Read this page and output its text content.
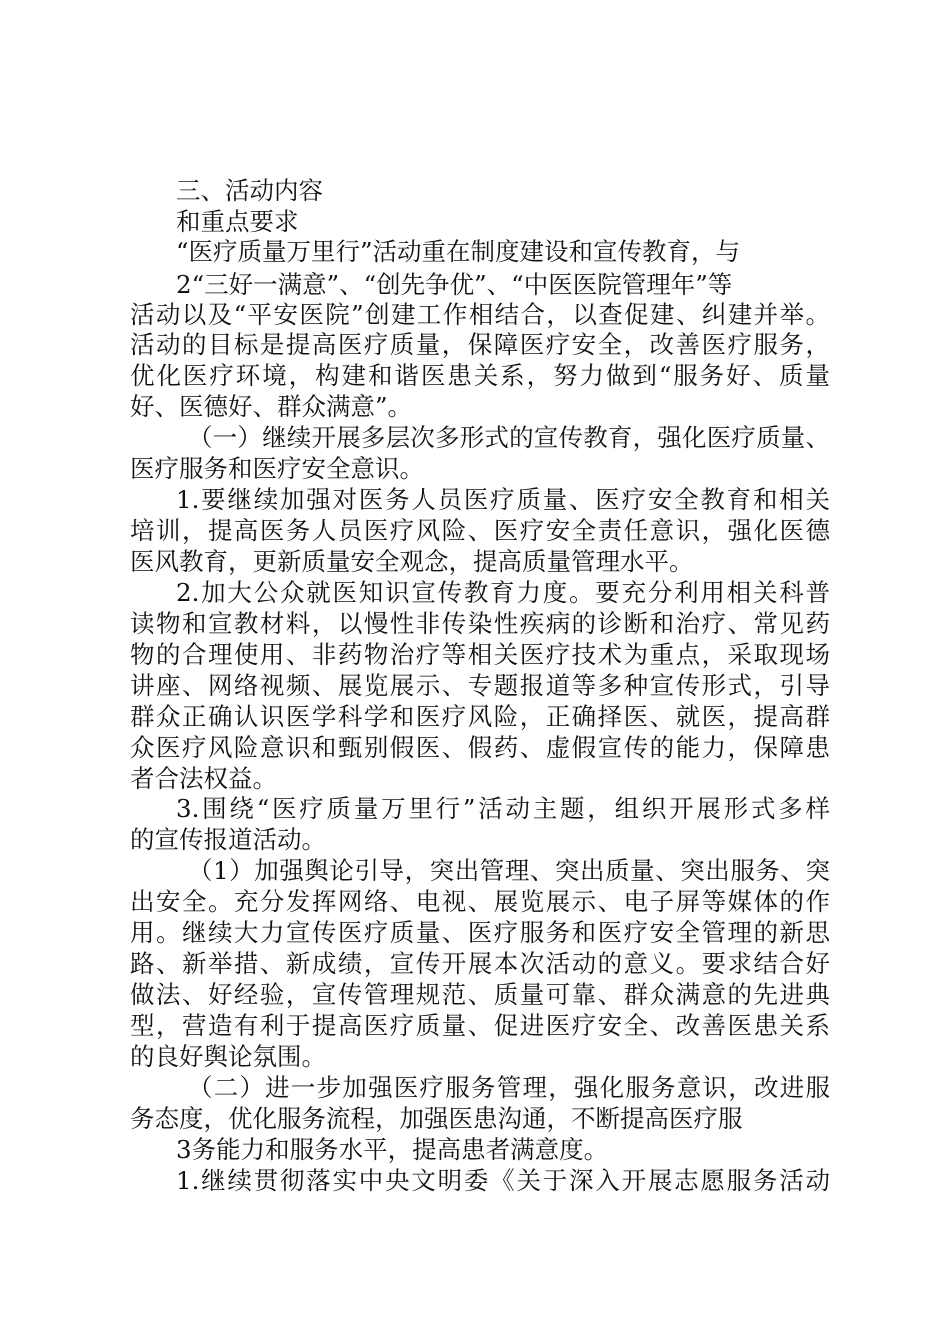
三、活动内容
和重点要求
“医疗质量万里行”活动重在制度建设和宣传教育，与
2“三好一满意”、“创先争优”、“中医医院管理年”等
活动以及“平安医院”创建工作相结合，以查促建、纠建并举。
活动的目标是提高医疗质量，保障医疗安全，改善医疗服务，
优化医疗环境，构建和谐医患关系，努力做到“服务好、质量
好、医德好、群众满意”。
（一）继续开展多层次多形式的宣传教育，强化医疗质量、
医疗服务和医疗安全意识。
1.要继续加强对医务人员医疗质量、医疗安全教育和相关
培训，提高医务人员医疗风险、医疗安全责任意识，强化医德
医风教育，更新质量安全观念，提高质量管理水平。
2.加大公众就医知识宣传教育力度。要充分利用相关科普
读物和宣教材料，以慢性非传染性疾病的诊断和治疗、常见药
物的合理使用、非药物治疗等相关医疗技术为重点，采取现场
讲座、网络视频、展览展示、专题报道等多种宣传形式，引导
群众正确认识医学科学和医疗风险，正确择医、就医，提高群
众医疗风险意识和甄别假医、假药、虚假宣传的能力，保障患
者合法权益。
3.围绕“医疗质量万里行”活动主题，组织开展形式多样
的宣传报道活动。
（1）加强舆论引导，突出管理、突出质量、突出服务、突
出安全。充分发挥网络、电视、展览展示、电子屏等媒体的作
用。继续大力宣传医疗质量、医疗服务和医疗安全管理的新思
路、新举措、新成绩，宣传开展本次活动的意义。要求结合好
做法、好经验，宣传管理规范、质量可靠、群众满意的先进典
型，营造有利于提高医疗质量、促进医疗安全、改善医患关系
的良好舆论氛围。
（二）进一步加强医疗服务管理，强化服务意识，改进服
务态度，优化服务流程，加强医患沟通，不断提高医疗服
3务能力和服务水平，提高患者满意度。
1.继续贯彻落实中央文明委《关于深入开展志愿服务活动
